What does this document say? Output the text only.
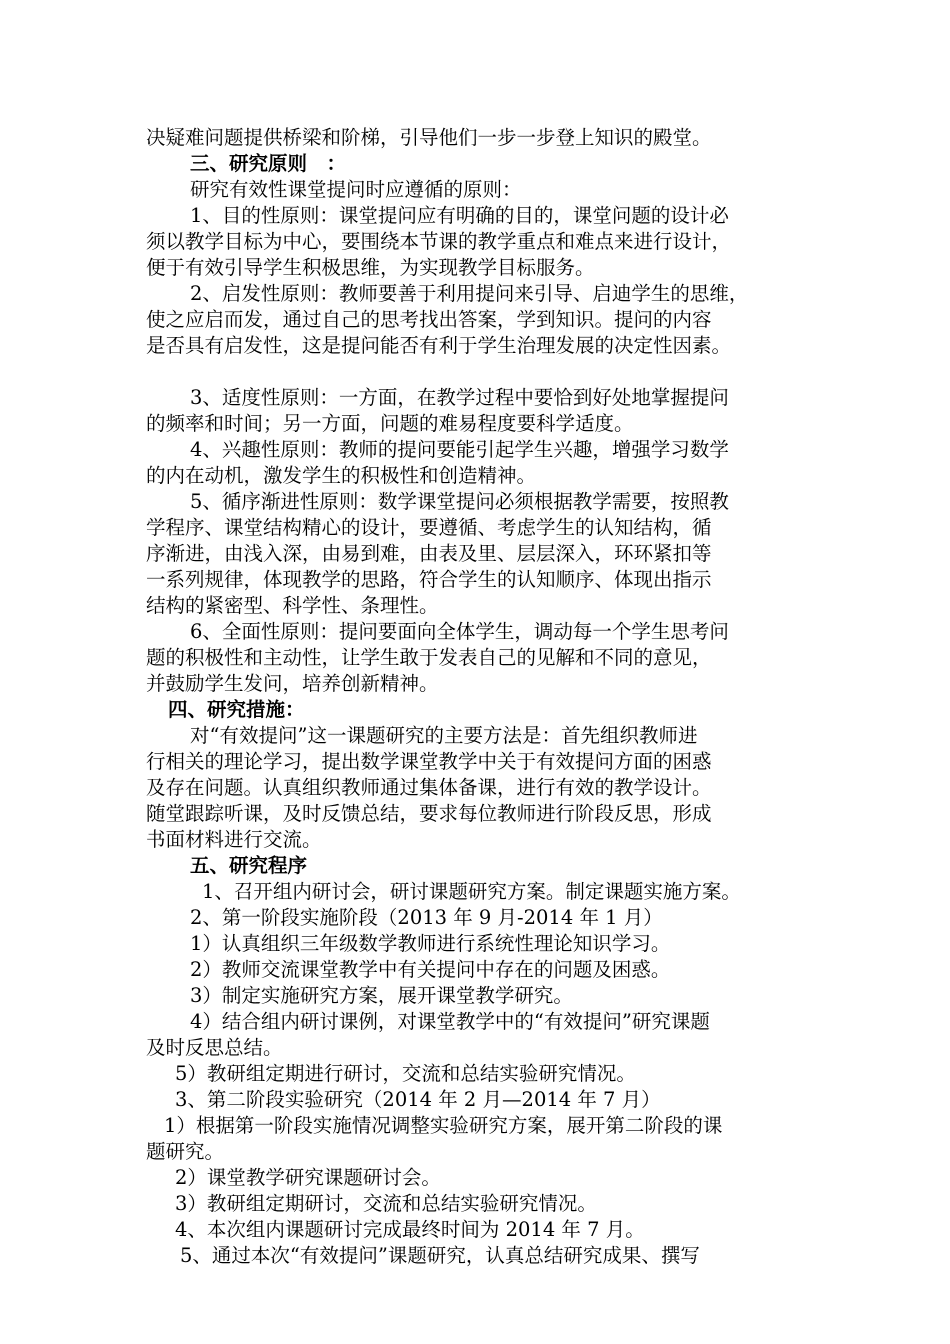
决疑难问题提供桥梁和阶梯，引导他们一步一步登上知识的殿堂。
三、研究原则　：
研究有效性课堂提问时应遵循的原则：
1、目的性原则：课堂提问应有明确的目的，课堂问题的设计必
须以教学目标为中心，要围绕本节课的教学重点和难点来进行设计，
便于有效引导学生积极思维，为实现教学目标服务。
2、启发性原则：教师要善于利用提问来引导、启迪学生的思维，
使之应启而发，通过自己的思考找出答案，学到知识。提问的内容
是否具有启发性，这是提问能否有利于学生治理发展的决定性因素。
3、适度性原则：一方面，在教学过程中要恰到好处地掌握提问
的频率和时间；另一方面，问题的难易程度要科学适度。
4、兴趣性原则：教师的提问要能引起学生兴趣，增强学习数学
的内在动机，激发学生的积极性和创造精神。
5、循序渐进性原则：数学课堂提问必须根据教学需要，按照教
学程序、课堂结构精心的设计，要遵循、考虑学生的认知结构，循
序渐进，由浅入深，由易到难，由表及里、层层深入，环环紧扣等
一系列规律，体现教学的思路，符合学生的认知顺序、体现出指示
结构的紧密型、科学性、条理性。
6、全面性原则：提问要面向全体学生，调动每一个学生思考问
题的积极性和主动性，让学生敢于发表自己的见解和不同的意见，
并鼓励学生发问，培养创新精神。
四、研究措施：
对“有效提问”这一课题研究的主要方法是：首先组织教师进
行相关的理论学习，提出数学课堂教学中关于有效提问方面的困惑
及存在问题。认真组织教师通过集体备课，进行有效的教学设计。
随堂跟踪听课，及时反馈总结，要求每位教师进行阶段反思，形成
书面材料进行交流。
五、研究程序
1、召开组内研讨会，研讨课题研究方案。制定课题实施方案。
2、第一阶段实施阶段（2013 年 9 月-2014 年 1 月）
1）认真组织三年级数学教师进行系统性理论知识学习。
2）教师交流课堂教学中有关提问中存在的问题及困惑。
3）制定实施研究方案，展开课堂教学研究。
4）结合组内研讨课例，对课堂教学中的“有效提问”研究课题
及时反思总结。
5）教研组定期进行研讨，交流和总结实验研究情况。
3、第二阶段实验研究（2014 年 2 月—2014 年 7 月）
1）根据第一阶段实施情况调整实验研究方案，展开第二阶段的课
题研究。
2）课堂教学研究课题研讨会。
3）教研组定期研讨，交流和总结实验研究情况。
4、本次组内课题研讨完成最终时间为 2014 年 7 月。
5、通过本次“有效提问”课题研究，认真总结研究成果、撰写
